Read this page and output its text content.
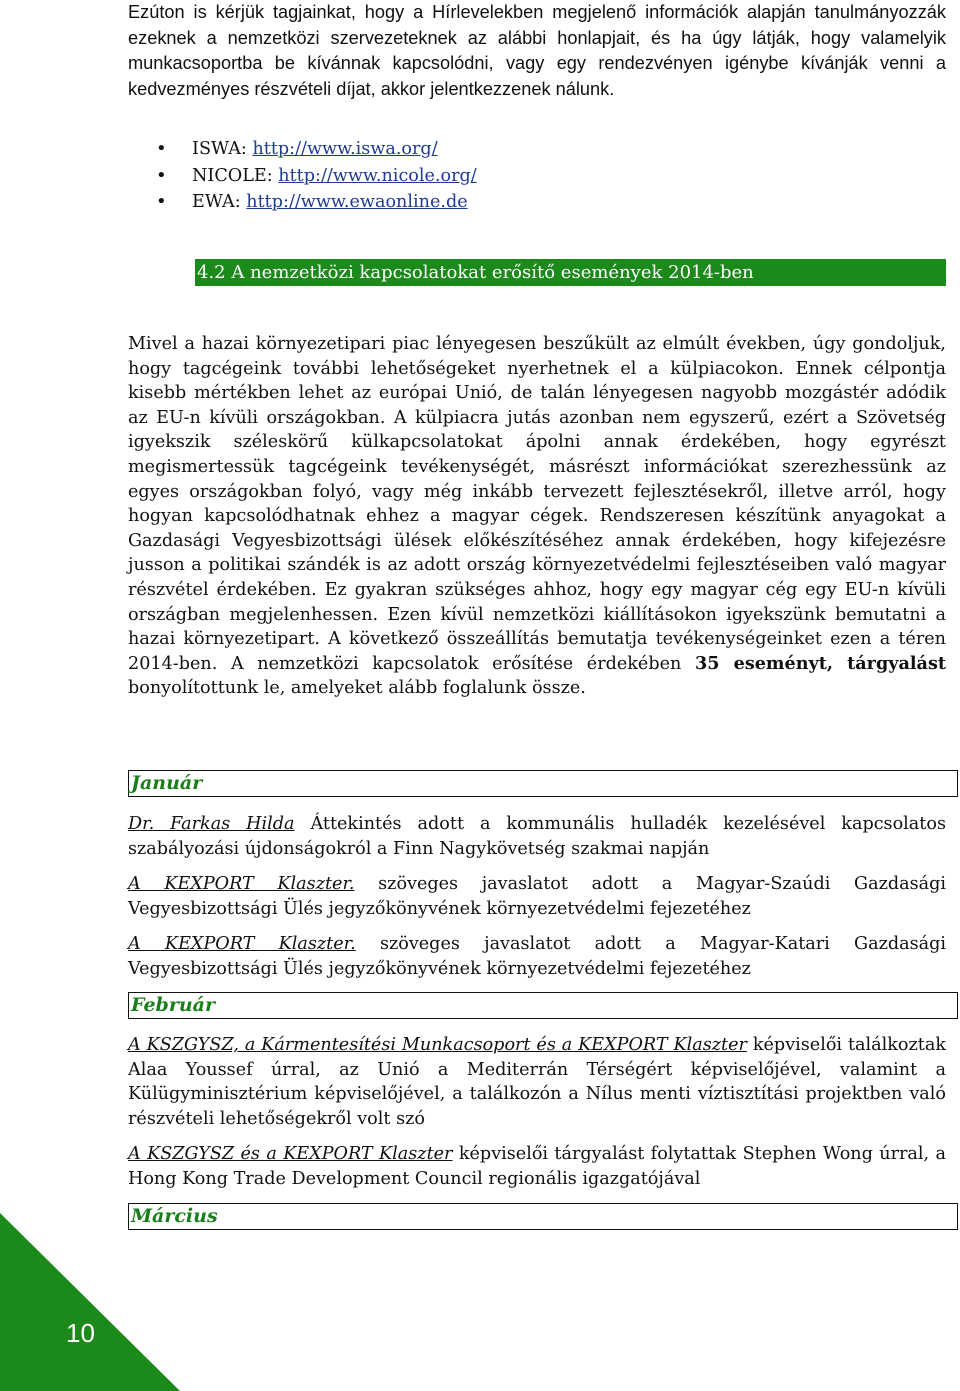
Ezúton is kérjük tagjainkat, hogy a Hírlevelekben megjelenő információk alapján tanulmányozzák ezeknek a nemzetközi szervezeteknek az alábbi honlapjait, és ha úgy látják, hogy valamelyik munkacsoportba be kívánnak kapcsolódni, vagy egy rendezvényen igénybe kívánják venni a kedvezményes részvételi díjat, akkor jelentkezzenek nálunk.

• ISWA: http://www.iswa.org/
• NICOLE: http://www.nicole.org/
• EWA: http://www.ewaonline.de

Mivel a hazai környezetipari piac lényegesen beszűkült az elmúlt években, úgy gondoljuk, hogy tagcégeink további lehetőségeket nyerhetnek el a külpiacokon. Ennek célpontja kisebb mértékben lehet az európai Unió, de talán lényegesen nagyobb mozgástér adódik az EU-n kívüli országokban. A külpiacra jutás azonban nem egyszerű, ezért a Szövetség igyekszik széleskörű külkapcsolatokat ápolni annak érdekében, hogy egyrészt megismertessük tagcégeink tevékenységét, másrészt információkat szerezhessünk az egyes országokban folyó, vagy még inkább tervezett fejlesztésekről, illetve arról, hogy hogyan kapcsolódhatnak ehhez a magyar cégek. Rendszeresen készítünk anyagokat a Gazdasági Vegyesbizottsági ülések előkészítéséhez annak érdekében, hogy kifejezésre jusson a politikai szándék is az adott ország környezetvédelmi fejlesztéseiben való magyar részvétel érdekében. Ez gyakran szükséges ahhoz, hogy egy magyar cég egy EU-n kívüli országban megjelenhessen. Ezen kívül nemzetközi kiállításokon igyekszünk bemutatni a hazai környezetipart. A következő összeállítás bemutatja tevékenységeinket ezen a téren 2014-ben. A nemzetközi kapcsolatok erősítése érdekében 35 eseményt, tárgyalást bonyolítottunk le, amelyeket alább foglalunk össze.

Január

Dr. Farkas Hilda Áttekintés adott a kommunális hulladék kezelésével kapcsolatos szabályozási újdonságokról a Finn Nagykövetség szakmai napján

A KEXPORT Klaszter. szöveges javaslatot adott a Magyar-Szaúdi Gazdasági Vegyesbizottsági Ülés jegyzőkönyvének környezetvédelmi fejezetéhez

A KEXPORT Klaszter. szöveges javaslatot adott a Magyar-Katari Gazdasági Vegyesbizottsági Ülés jegyzőkönyvének környezetvédelmi fejezetéhez

Február

A KSZGYSZ, a Kármentesítési Munkacsoport és a KEXPORT Klaszter képviselői találkoztak Alaa Youssef úrral, az Unió a Mediterrán Térségért képviselőjével, valamint a Külügyminisztérium képviselőjével, a találkozón a Nílus menti víztisztítási projektben való részvételi lehetőségekről volt szó

A KSZGYSZ és a KEXPORT Klaszter képviselői tárgyalást folytattak Stephen Wong úrral, a Hong Kong Trade Development Council regionális igazgatójával

Március
4.2 A nemzetközi kapcsolatokat erősítő események 2014-ben
10
